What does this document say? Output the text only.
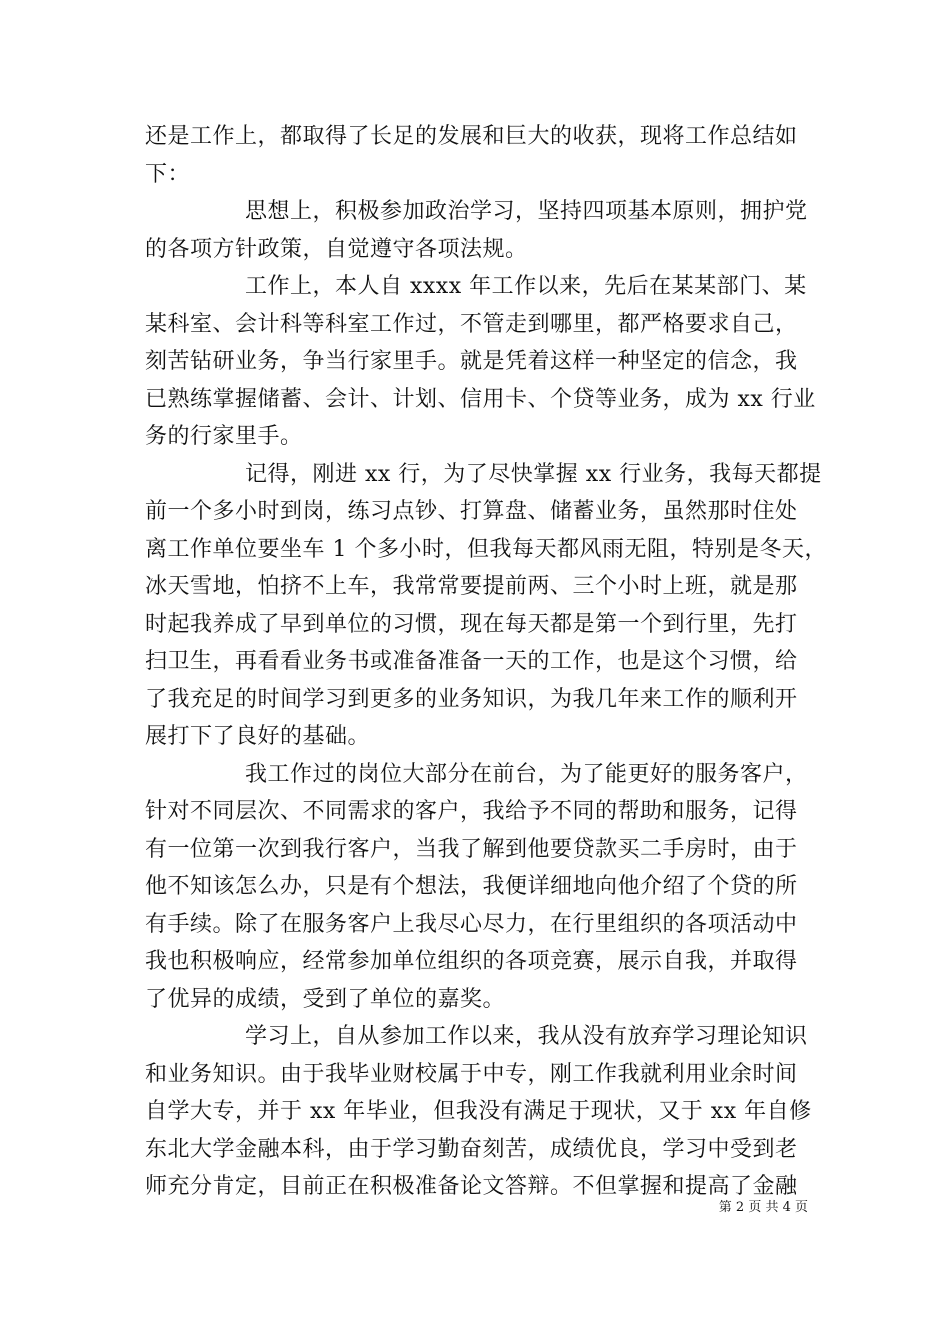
还是工作上，都取得了长足的发展和巨大的收获，现将工作总结如
下：
思想上，积极参加政治学习，坚持四项基本原则，拥护党
的各项方针政策，自觉遵守各项法规。
工作上，本人自 xxxx 年工作以来，先后在某某部门、某
某科室、会计科等科室工作过，不管走到哪里，都严格要求自己，
刻苦钻研业务，争当行家里手。就是凭着这样一种坚定的信念，我
已熟练掌握储蓄、会计、计划、信用卡、个贷等业务，成为 xx 行业
务的行家里手。
记得，刚进 xx 行，为了尽快掌握 xx 行业务，我每天都提
前一个多小时到岗，练习点钞、打算盘、储蓄业务，虽然那时住处
离工作单位要坐车 1 个多小时，但我每天都风雨无阻，特别是冬天，
冰天雪地，怕挤不上车，我常常要提前两、三个小时上班，就是那
时起我养成了早到单位的习惯，现在每天都是第一个到行里，先打
扫卫生，再看看业务书或准备准备一天的工作，也是这个习惯，给
了我充足的时间学习到更多的业务知识，为我几年来工作的顺利开
展打下了良好的基础。
我工作过的岗位大部分在前台，为了能更好的服务客户，
针对不同层次、不同需求的客户，我给予不同的帮助和服务，记得
有一位第一次到我行客户，当我了解到他要贷款买二手房时，由于
他不知该怎么办，只是有个想法，我便详细地向他介绍了个贷的所
有手续。除了在服务客户上我尽心尽力，在行里组织的各项活动中
我也积极响应，经常参加单位组织的各项竞赛，展示自我，并取得
了优异的成绩，受到了单位的嘉奖。
学习上，自从参加工作以来，我从没有放弃学习理论知识
和业务知识。由于我毕业财校属于中专，刚工作我就利用业余时间
自学大专，并于 xx 年毕业，但我没有满足于现状，又于 xx 年自修
东北大学金融本科，由于学习勤奋刻苦，成绩优良，学习中受到老
师充分肯定，目前正在积极准备论文答辩。不但掌握和提高了金融
第 2 页 共 4 页
